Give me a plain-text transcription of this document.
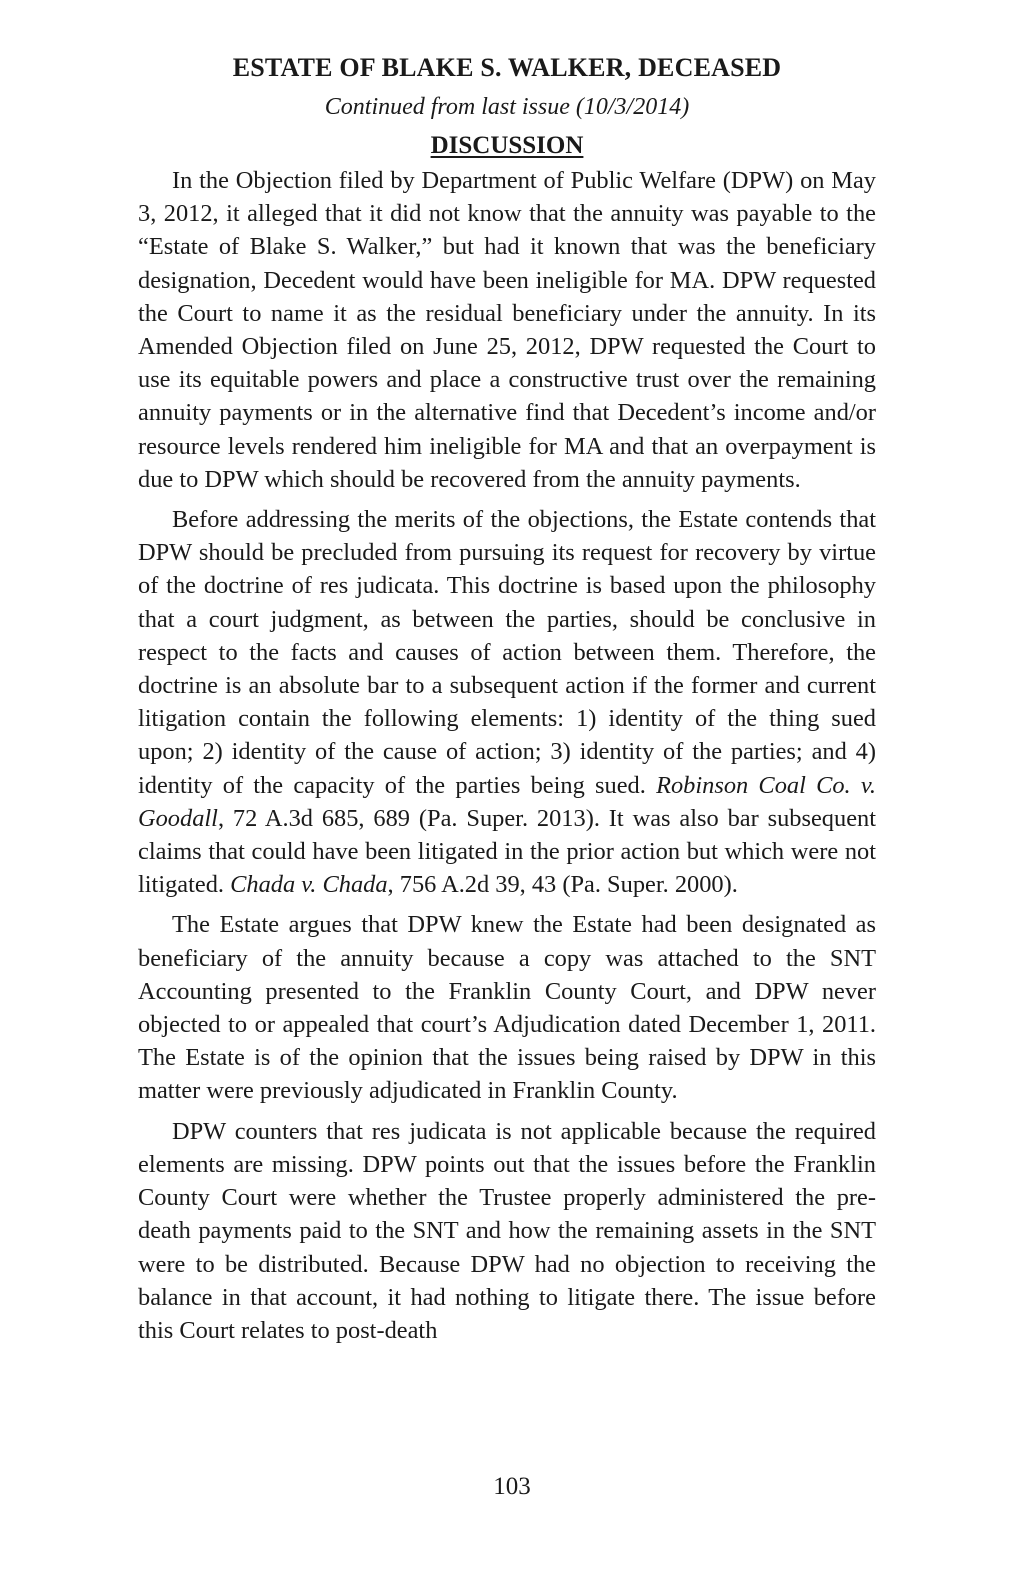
ESTATE OF BLAKE S. WALKER, DECEASED

Continued from last issue (10/3/2014)

DISCUSSION

In the Objection filed by Department of Public Welfare (DPW) on May 3, 2012, it alleged that it did not know that the annuity was payable to the “Estate of Blake S. Walker,” but had it known that was the beneficiary designation, Decedent would have been ineligible for MA. DPW requested the Court to name it as the residual beneficiary under the annuity. In its Amended Objection filed on June 25, 2012, DPW requested the Court to use its equitable powers and place a constructive trust over the remaining annuity payments or in the alternative find that Decedent’s income and/or resource levels rendered him ineligible for MA and that an overpayment is due to DPW which should be recovered from the annuity payments.

Before addressing the merits of the objections, the Estate contends that DPW should be precluded from pursuing its request for recovery by virtue of the doctrine of res judicata. This doctrine is based upon the philosophy that a court judgment, as between the parties, should be conclusive in respect to the facts and causes of action between them. Therefore, the doctrine is an absolute bar to a subsequent action if the former and current litigation contain the following elements: 1) identity of the thing sued upon; 2) identity of the cause of action; 3) identity of the parties; and 4) identity of the capacity of the parties being sued. Robinson Coal Co. v. Goodall, 72 A.3d 685, 689 (Pa. Super. 2013). It was also bar subsequent claims that could have been litigated in the prior action but which were not litigated. Chada v. Chada, 756 A.2d 39, 43 (Pa. Super. 2000).

The Estate argues that DPW knew the Estate had been designated as beneficiary of the annuity because a copy was attached to the SNT Accounting presented to the Franklin County Court, and DPW never objected to or appealed that court’s Adjudication dated December 1, 2011. The Estate is of the opinion that the issues being raised by DPW in this matter were previously adjudicated in Franklin County.

DPW counters that res judicata is not applicable because the required elements are missing. DPW points out that the issues before the Franklin County Court were whether the Trustee properly administered the pre-death payments paid to the SNT and how the remaining assets in the SNT were to be distributed. Because DPW had no objection to receiving the balance in that account, it had nothing to litigate there. The issue before this Court relates to post-death

103
